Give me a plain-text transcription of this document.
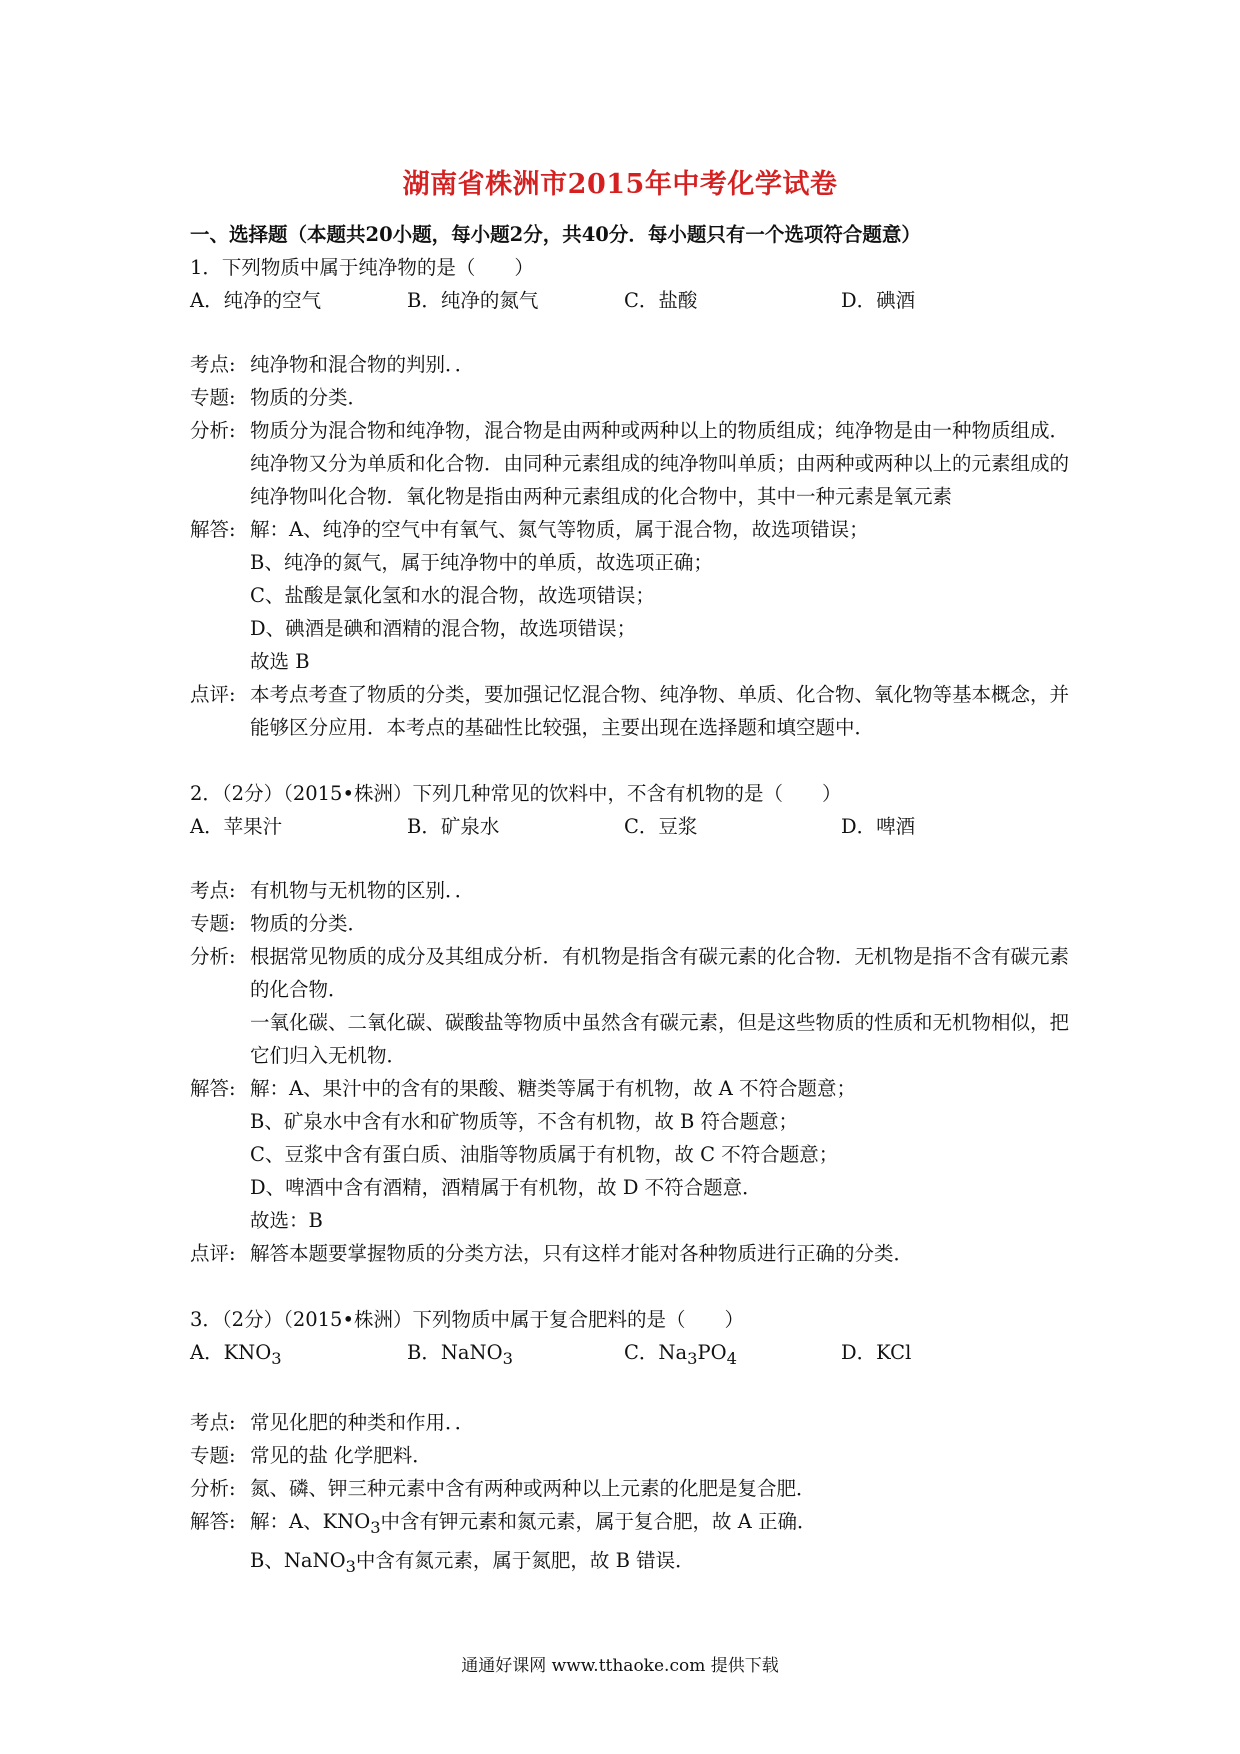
湖南省株洲市2015年中考化学试卷
一、选择题（本题共20小题，每小题2分，共40分．每小题只有一个选项符合题意）
1．下列物质中属于纯净物的是（　　）
A．纯净的空气	B．纯净的氮气	C．盐酸	D．碘酒
考点: 纯净物和混合物的判别．．
专题: 物质的分类．
分析: 物质分为混合物和纯净物，混合物是由两种或两种以上的物质组成；纯净物是由一种物质组成．纯净物又分为单质和化合物．由同种元素组成的纯净物叫单质；由两种或两种以上的元素组成的纯净物叫化合物．氧化物是指由两种元素组成的化合物中，其中一种元素是氧元素
解答: 解：A、纯净的空气中有氧气、氮气等物质，属于混合物，故选项错误；
B、纯净的氮气，属于纯净物中的单质，故选项正确；
C、盐酸是氯化氢和水的混合物，故选项错误；
D、碘酒是碘和酒精的混合物，故选项错误；
故选 B
点评: 本考点考查了物质的分类，要加强记忆混合物、纯净物、单质、化合物、氧化物等基本概念，并能够区分应用．本考点的基础性比较强，主要出现在选择题和填空题中．
2．（2分）（2015•株洲）下列几种常见的饮料中，不含有机物的是（　　）
A．苹果汁	B．矿泉水	C．豆浆	D．啤酒
考点: 有机物与无机物的区别．．
专题: 物质的分类．
分析: 根据常见物质的成分及其组成分析．有机物是指含有碳元素的化合物．无机物是指不含有碳元素的化合物．
一氧化碳、二氧化碳、碳酸盐等物质中虽然含有碳元素，但是这些物质的性质和无机物相似，把它们归入无机物．
解答: 解：A、果汁中的含有的果酸、糖类等属于有机物，故 A 不符合题意；
B、矿泉水中含有水和矿物质等，不含有机物，故 B 符合题意；
C、豆浆中含有蛋白质、油脂等物质属于有机物，故 C 不符合题意；
D、啤酒中含有酒精，酒精属于有机物，故 D 不符合题意．
故选：B
点评: 解答本题要掌握物质的分类方法，只有这样才能对各种物质进行正确的分类．
3．（2分）（2015•株洲）下列物质中属于复合肥料的是（　　）
A．$KNO_3$	B．NaNO$_3$	C．$Na_3PO_4$	D．KCl
考点: 常见化肥的种类和作用．．
专题: 常见的盐 化学肥料．
分析: 氮、磷、钾三种元素中含有两种或两种以上元素的化肥是复合肥．
解答: 解：A、$KNO_3$中含有钾元素和氮元素，属于复合肥，故 A 正确．
B、NaNO$_3$中含有氮元素，属于氮肥，故 B 错误．
通通好课网 www.tthaoke.com 提供下载
